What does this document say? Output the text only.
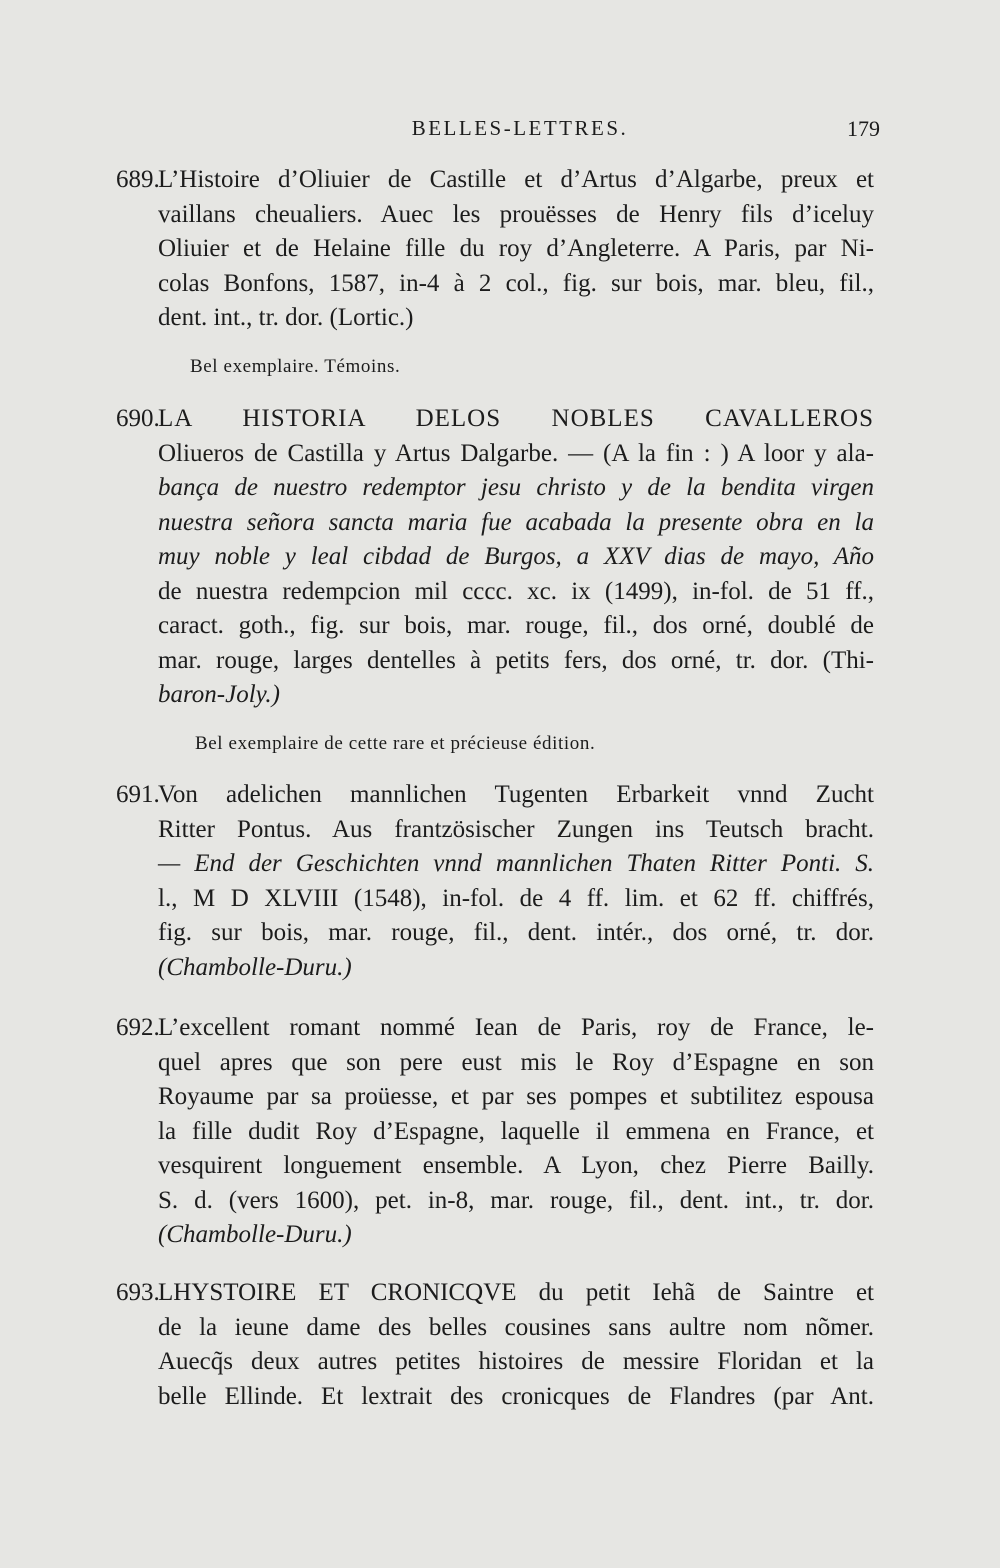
BELLES-LETTRES.	179
689.
L’Histoire d’Oliuier de Castille et d’Artus d’Algarbe, preux et
vaillans cheualiers. Auec les prouësses de Henry fils d’iceluy
Oliuier et de Helaine fille du roy d’Angleterre. A Paris, par Ni-
colas Bonfons, 1587, in-4 à 2 col., fig. sur bois, mar. bleu, fil.,
dent. int., tr. dor. (Lortic.)
Bel exemplaire. Témoins.
690.
LA HISTORIA DELOS NOBLES CAVALLEROS
Oliueros de Castilla y Artus Dalgarbe. — (A la fin : ) A loor y ala-
bança de nuestro redemptor jesu christo y de la bendita virgen
nuestra señora sancta maria fue acabada la presente obra en la
muy noble y leal cibdad de Burgos, a XXV dias de mayo, Año
de nuestra redempcion mil cccc. xc. ix (1499), in-fol. de 51 ff.,
caract. goth., fig. sur bois, mar. rouge, fil., dos orné, doublé de
mar. rouge, larges dentelles à petits fers, dos orné, tr. dor. (Thi-
baron-Joly.)
Bel exemplaire de cette rare et précieuse édition.
691.
Von adelichen mannlichen Tugenten Erbarkeit vnnd Zucht
Ritter Pontus. Aus frantzösischer Zungen ins Teutsch bracht.
— End der Geschichten vnnd mannlichen Thaten Ritter Ponti. S.
l., M D XLVIII (1548), in-fol. de 4 ff. lim. et 62 ff. chiffrés,
fig. sur bois, mar. rouge, fil., dent. intér., dos orné, tr. dor.
(Chambolle-Duru.)
692.
L’excellent romant nommé Iean de Paris, roy de France, le-
quel apres que son pere eust mis le Roy d’Espagne en son
Royaume par sa proüesse, et par ses pompes et subtilitez espousa
la fille dudit Roy d’Espagne, laquelle il emmena en France, et
vesquirent longuement ensemble. A Lyon, chez Pierre Bailly.
S. d. (vers 1600), pet. in-8, mar. rouge, fil., dent. int., tr. dor.
(Chambolle-Duru.)
693.
LHYSTOIRE ET CRONICQVE du petit Iehã de Saintre et
de la ieune dame des belles cousines sans aultre nom nõmer.
Auecq̃s deux autres petites histoires de messire Floridan et la
belle Ellinde. Et lextrait des cronicques de Flandres (par Ant.
